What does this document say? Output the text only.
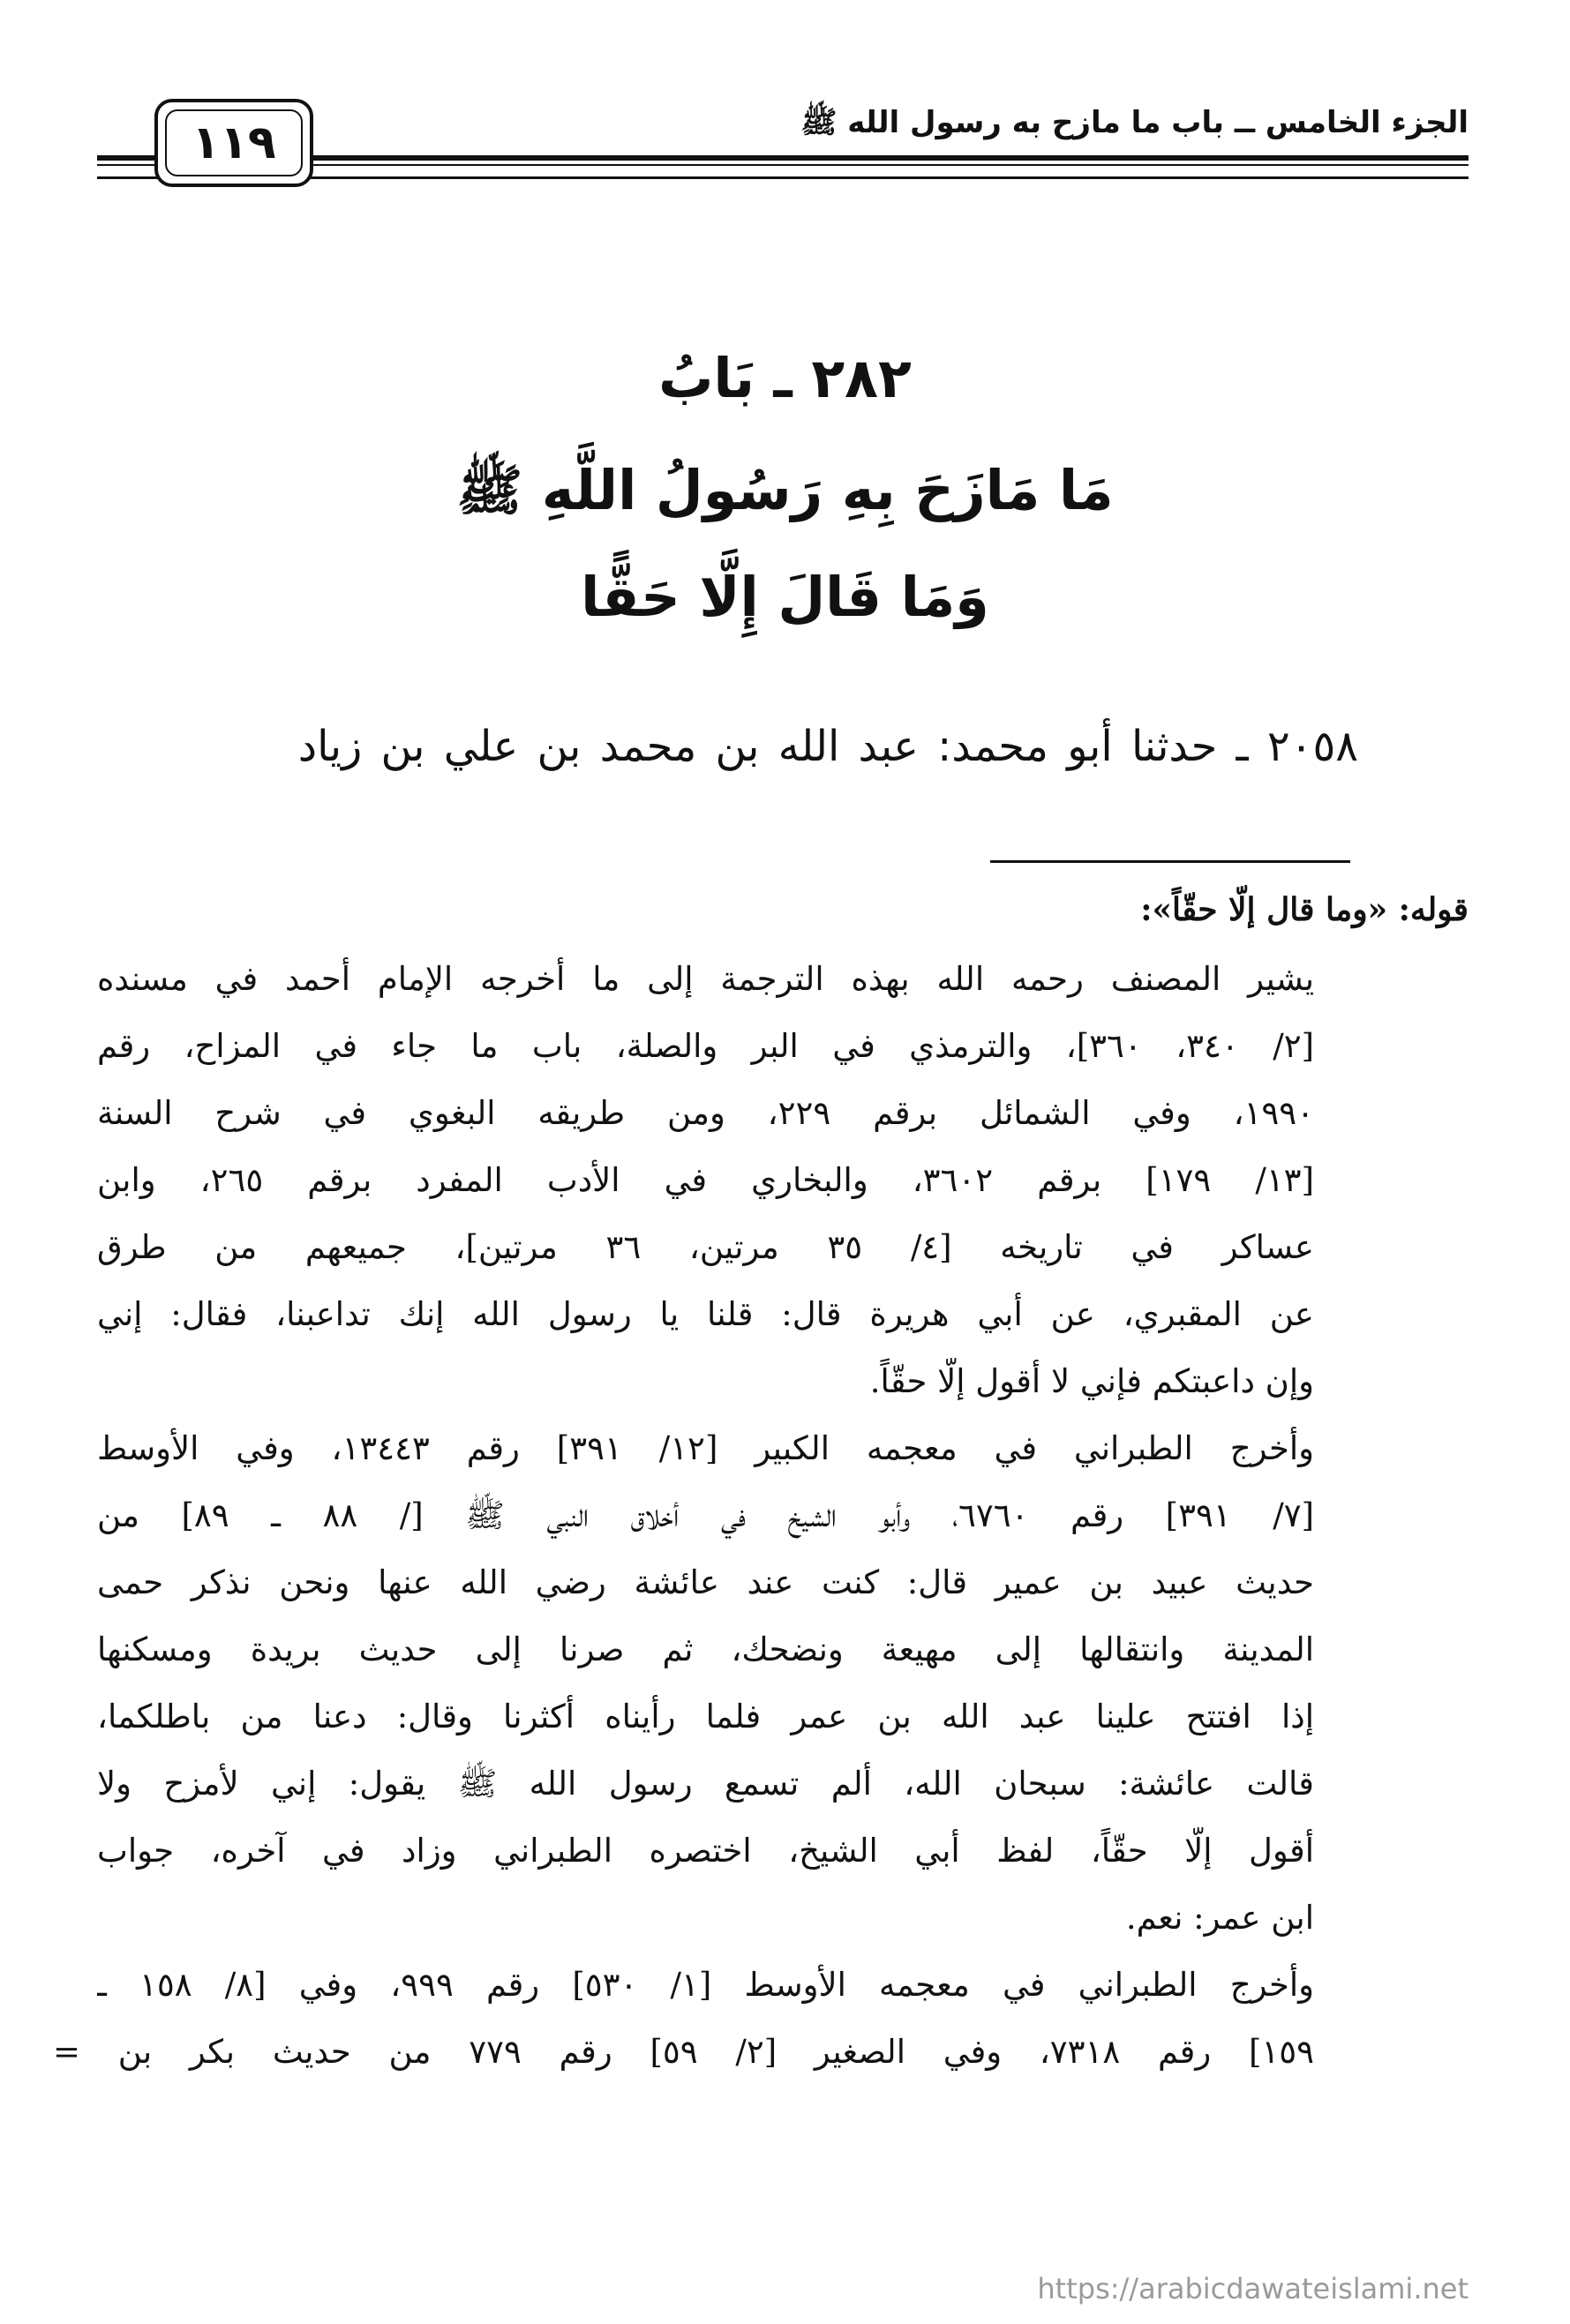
الجزء الخامس ــ باب ما مازح به رسول الله ﷺ
١١٩
٢٨٢ ـ بَابُ
مَا مَازَحَ بِهِ رَسُولُ اللَّهِ ﷺ
وَمَا قَالَ إِلَّا حَقًّا
٢٠٥٨ ـ حدثنا أبو محمد: عبد الله بن محمد بن علي بن زياد
قوله: «وما قال إلّا حقّاً»:
يشير المصنف رحمه الله بهذه الترجمة إلى ما أخرجه الإمام أحمد في مسنده
[٢/ ٣٤٠، ٣٦٠]، والترمذي في البر والصلة، باب ما جاء في المزاح، رقم
١٩٩٠، وفي الشمائل برقم ٢٢٩، ومن طريقه البغوي في شرح السنة
[١٣/ ١٧٩] برقم ٣٦٠٢، والبخاري في الأدب المفرد برقم ٢٦٥، وابن
عساكر في تاريخه [٤/ ٣٥ مرتين، ٣٦ مرتين]، جميعهم من طرق
عن المقبري، عن أبي هريرة قال: قلنا يا رسول الله إنك تداعبنا، فقال: إني
وإن داعبتكم فإني لا أقول إلّا حقّاً.
وأخرج الطبراني في معجمه الكبير [١٢/ ٣٩١] رقم ١٣٤٤٣، وفي الأوسط
[٧/ ٣٩١] رقم ٦٧٦٠، وأبو الشيخ في أخلاق النبي ﷺ [/ ٨٨ ـ ٨٩] من
حديث عبيد بن عمير قال: كنت عند عائشة رضي الله عنها ونحن نذكر حمى
المدينة وانتقالها إلى مهيعة ونضحك، ثم صرنا إلى حديث بريدة ومسكنها
إذا افتتح علينا عبد الله بن عمر فلما رأيناه أكثرنا وقال: دعنا من باطلكما،
قالت عائشة: سبحان الله، ألم تسمع رسول الله ﷺ يقول: إني لأمزح ولا
أقول إلّا حقّاً، لفظ أبي الشيخ، اختصره الطبراني وزاد في آخره، جواب
ابن عمر: نعم.
وأخرج الطبراني في معجمه الأوسط [١/ ٥٣٠] رقم ٩٩٩، وفي [٨/ ١٥٨ ـ
١٥٩] رقم ٧٣١٨، وفي الصغير [٢/ ٥٩] رقم ٧٧٩ من حديث بكر بن =
https://arabicdawateislami.net
